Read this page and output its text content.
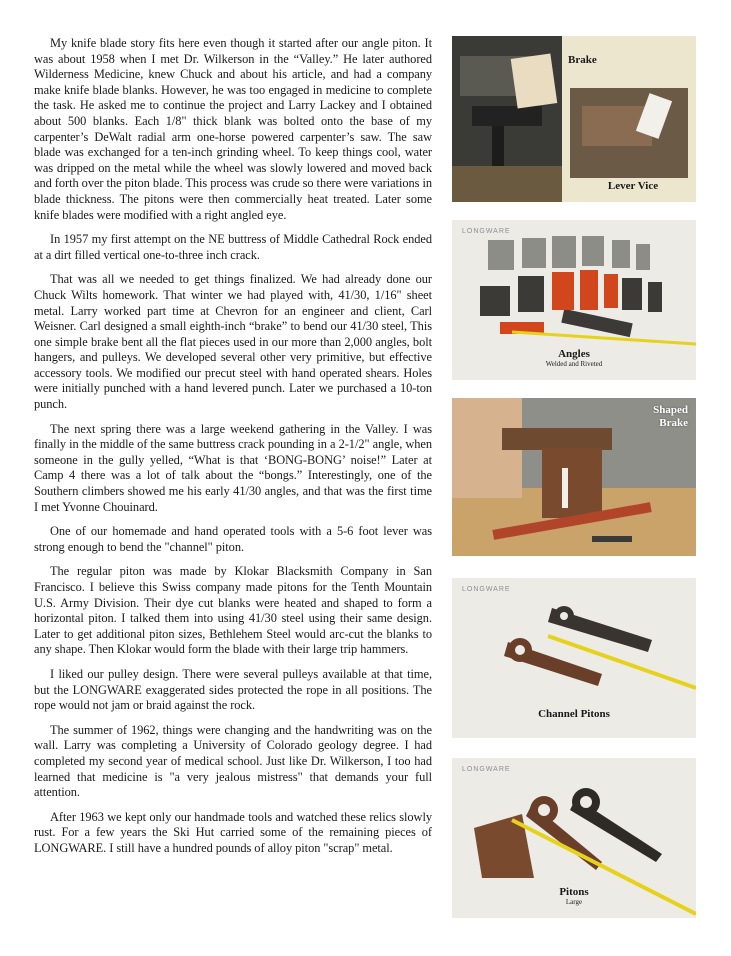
My knife blade story fits here even though it started after our angle piton. It was about 1958 when I met Dr. Wilkerson in the “Valley.” He later authored Wilderness Medicine, knew Chuck and about his article, and had a company make knife blade blanks. However, he was too engaged in medicine to complete the task. He asked me to continue the project and Larry Lackey and I obtained about 500 blanks. Each 1/8" thick blank was bolted onto the base of my carpenter’s DeWalt radial arm one-horse powered carpenter’s saw. The saw blade was exchanged for a ten-inch grinding wheel. To keep things cool, water was dripped on the metal while the wheel was slowly lowered and moved back and forth over the piton blade. This process was crude so there were variations in blade thickness. The pitons were then commercially heat treated. Later some knife blades were modified with a right angled eye.

In 1957 my first attempt on the NE buttress of Middle Cathedral Rock ended at a dirt filled vertical one-to-three inch crack.

That was all we needed to get things finalized. We had already done our Chuck Wilts homework. That winter we had played with, 41/30, 1/16" sheet metal. Larry worked part time at Chevron for an engineer and client, Carl Weisner. Carl designed a small eighth-inch “brake” to bend our 41/30 steel, This one simple brake bent all the flat pieces used in our more than 2,000 angles, bolt hangers, and pulleys. We developed several other very primitive, but effective accessory tools. We modified our precut steel with hand operated shears. Holes were initially punched with a hand levered punch. Later we purchased a 10-ton punch.

The next spring there was a large weekend gathering in the Valley. I was finally in the middle of the same buttress crack pounding in a 2-1/2" angle, when someone in the gully yelled, “What is that ‘BONG-BONG’ noise!” Later at Camp 4 there was a lot of talk about the “bongs.” Interestingly, one of the Southern climbers showed me his early 41/30 angles, and that was the first time I met Yvonne Chouinard.

One of our homemade and hand operated tools with a 5-6 foot lever was strong enough to bend the "channel" piton.

The regular piton was made by Klokar Blacksmith Company in San Francisco. I believe this Swiss company made pitons for the Tenth Mountain U.S. Army Division. Their dye cut blanks were heated and shaped to form a horizontal piton. I talked them into using 41/30 steel using their same design. Later to get additional piton sizes, Bethlehem Steel would arc-cut the blanks to any shape. Then Klokar would form the blade with their large trip hammers.

I liked our pulley design. There were several pulleys available at that time, but the LONGWARE exaggerated sides protected the rope in all positions. The rope would not jam or braid against the rock.

The summer of 1962, things were changing and the handwriting was on the wall. Larry was completing a University of Colorado geology degree. I had completed my second year of medical school. Just like Dr. Wilkerson, I too had learned that medicine is "a very jealous mistress" that demands your full attention.

After 1963 we kept only our handmade tools and watched these relics slowly rust. For a few years the Ski Hut carried some of the remaining pieces of LONGWARE. I still have a hundred pounds of alloy piton "scrap" metal.

Brake
Lever Vice
LONGWARE
Angles
Welded and Riveted
Shaped
Brake
LONGWARE
Channel Pitons
LONGWARE
Pitons
Large
